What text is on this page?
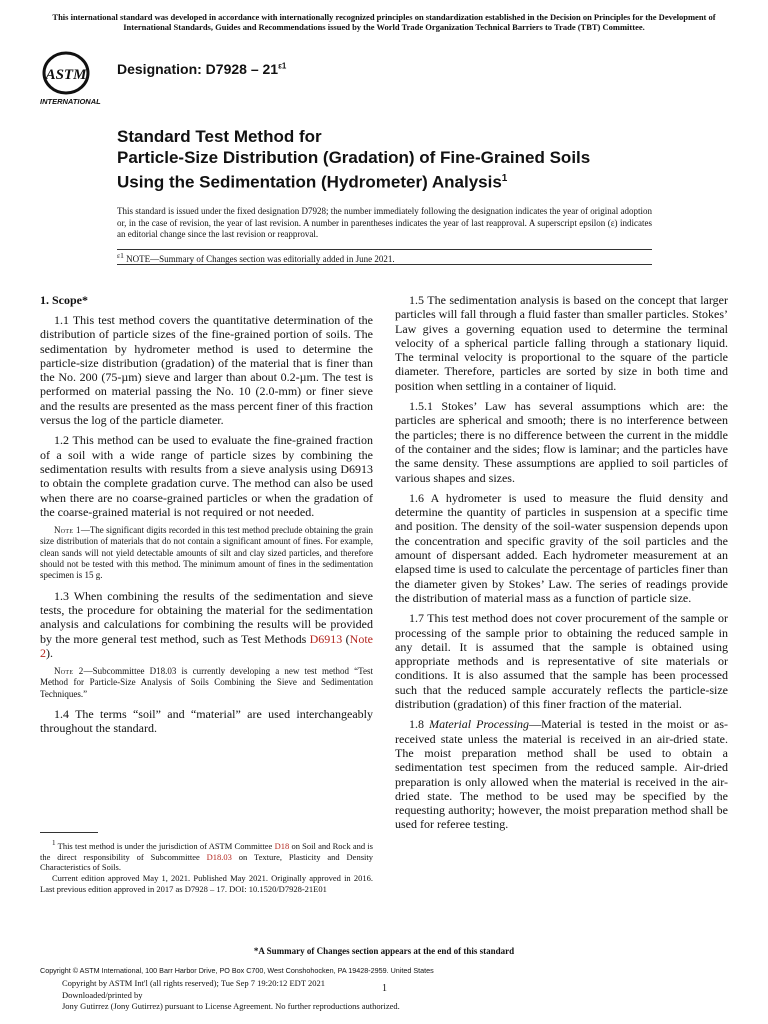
This international standard was developed in accordance with internationally recognized principles on standardization established in the Decision on Principles for the Development of International Standards, Guides and Recommendations issued by the World Trade Organization Technical Barriers to Trade (TBT) Committee.
ASTM
INTERNATIONAL
Designation: $D7928 - 21^{\varepsilon 1}$
Standard Test Method for
Particle-Size Distribution (Gradation) of Fine-Grained Soils
Using the Sedimentation (Hydrometer) Analysis$^1$
This standard is issued under the fixed designation D7928; the number immediately following the designation indicates the year of original adoption or, in the case of revision, the year of last revision. A number in parentheses indicates the year of last reapproval. A superscript epsilon (ε) indicates an editorial change since the last revision or reapproval.
$^{\varepsilon 1}$ NOTE—Summary of Changes section was editorially added in June 2021.
1. Scope*

1.1 This test method covers the quantitative determination of the distribution of particle sizes of the fine-grained portion of soils. The sedimentation by hydrometer method is used to determine the particle-size distribution (gradation) of the material that is finer than the No. 200 (75-µm) sieve and larger than about 0.2-µm. The test is performed on material passing the No. 10 (2.0-mm) or finer sieve and the results are presented as the mass percent finer of this fraction versus the log of the particle diameter.

1.2 This method can be used to evaluate the fine-grained fraction of a soil with a wide range of particle sizes by combining the sedimentation results with results from a sieve analysis using D6913 to obtain the complete gradation curve. The method can also be used when there are no coarse-grained particles or when the gradation of the coarse-grained material is not required or not needed.

Note 1—The significant digits recorded in this test method preclude obtaining the grain size distribution of materials that do not contain a significant amount of fines. For example, clean sands will not yield detectable amounts of silt and clay sized particles, and therefore should not be tested with this method. The minimum amount of fines in the sedimentation specimen is 15 g.

1.3 When combining the results of the sedimentation and sieve tests, the procedure for obtaining the material for the sedimentation analysis and calculations for combining the results will be provided by the more general test method, such as Test Methods D6913 (Note 2).

Note 2—Subcommittee D18.03 is currently developing a new test method “Test Method for Particle-Size Analysis of Soils Combining the Sieve and Sedimentation Techniques.”

1.4 The terms “soil” and “material” are used interchangeably throughout the standard.

1.5 The sedimentation analysis is based on the concept that larger particles will fall through a fluid faster than smaller particles. Stokes’ Law gives a governing equation used to determine the terminal velocity of a spherical particle falling through a stationary liquid. The terminal velocity is proportional to the square of the particle diameter. Therefore, particles are sorted by size in both time and position when settling in a container of liquid.

1.5.1 Stokes’ Law has several assumptions which are: the particles are spherical and smooth; there is no interference between the particles; there is no difference between the current in the middle of the container and the sides; flow is laminar; and the particles have the same density. These assumptions are applied to soil particles of various shapes and sizes.

1.6 A hydrometer is used to measure the fluid density and determine the quantity of particles in suspension at a specific time and position. The density of the soil-water suspension depends upon the concentration and specific gravity of the soil particles and the amount of dispersant added. Each hydrometer measurement at an elapsed time is used to calculate the percentage of particles finer than the diameter given by Stokes’ Law. The series of readings provide the distribution of material mass as a function of particle size.

1.7 This test method does not cover procurement of the sample or processing of the sample prior to obtaining the reduced sample in any detail. It is assumed that the sample is obtained using appropriate methods and is representative of site materials or conditions. It is also assumed that the sample has been processed such that the reduced sample accurately reflects the particle-size distribution (gradation) of this finer fraction of the material.

1.8 Material Processing—Material is tested in the moist or as-received state unless the material is received in an air-dried state. The moist preparation method shall be used to obtain a sedimentation test specimen from the reduced sample. Air-dried preparation is only allowed when the material is received in the air-dried state. The method to be used may be specified by the requesting authority; however, the moist preparation method shall be used for referee testing.

$^1$ This test method is under the jurisdiction of ASTM Committee D18 on Soil and Rock and is the direct responsibility of Subcommittee D18.03 on Texture, Plasticity and Density Characteristics of Soils.

Current edition approved May 1, 2021. Published May 2021. Originally approved in 2016. Last previous edition approved in 2017 as D7928 – 17. DOI: 10.1520/D7928-21E01

*A Summary of Changes section appears at the end of this standard
Copyright © ASTM International, 100 Barr Harbor Drive, PO Box C700, West Conshohocken, PA 19428-2959. United States
Copyright by ASTM Int'l (all rights reserved); Tue Sep 7 19:20:12 EDT 2021
Downloaded/printed by
Jony Gutirrez (Jony Gutirrez) pursuant to License Agreement. No further reproductions authorized.
1
